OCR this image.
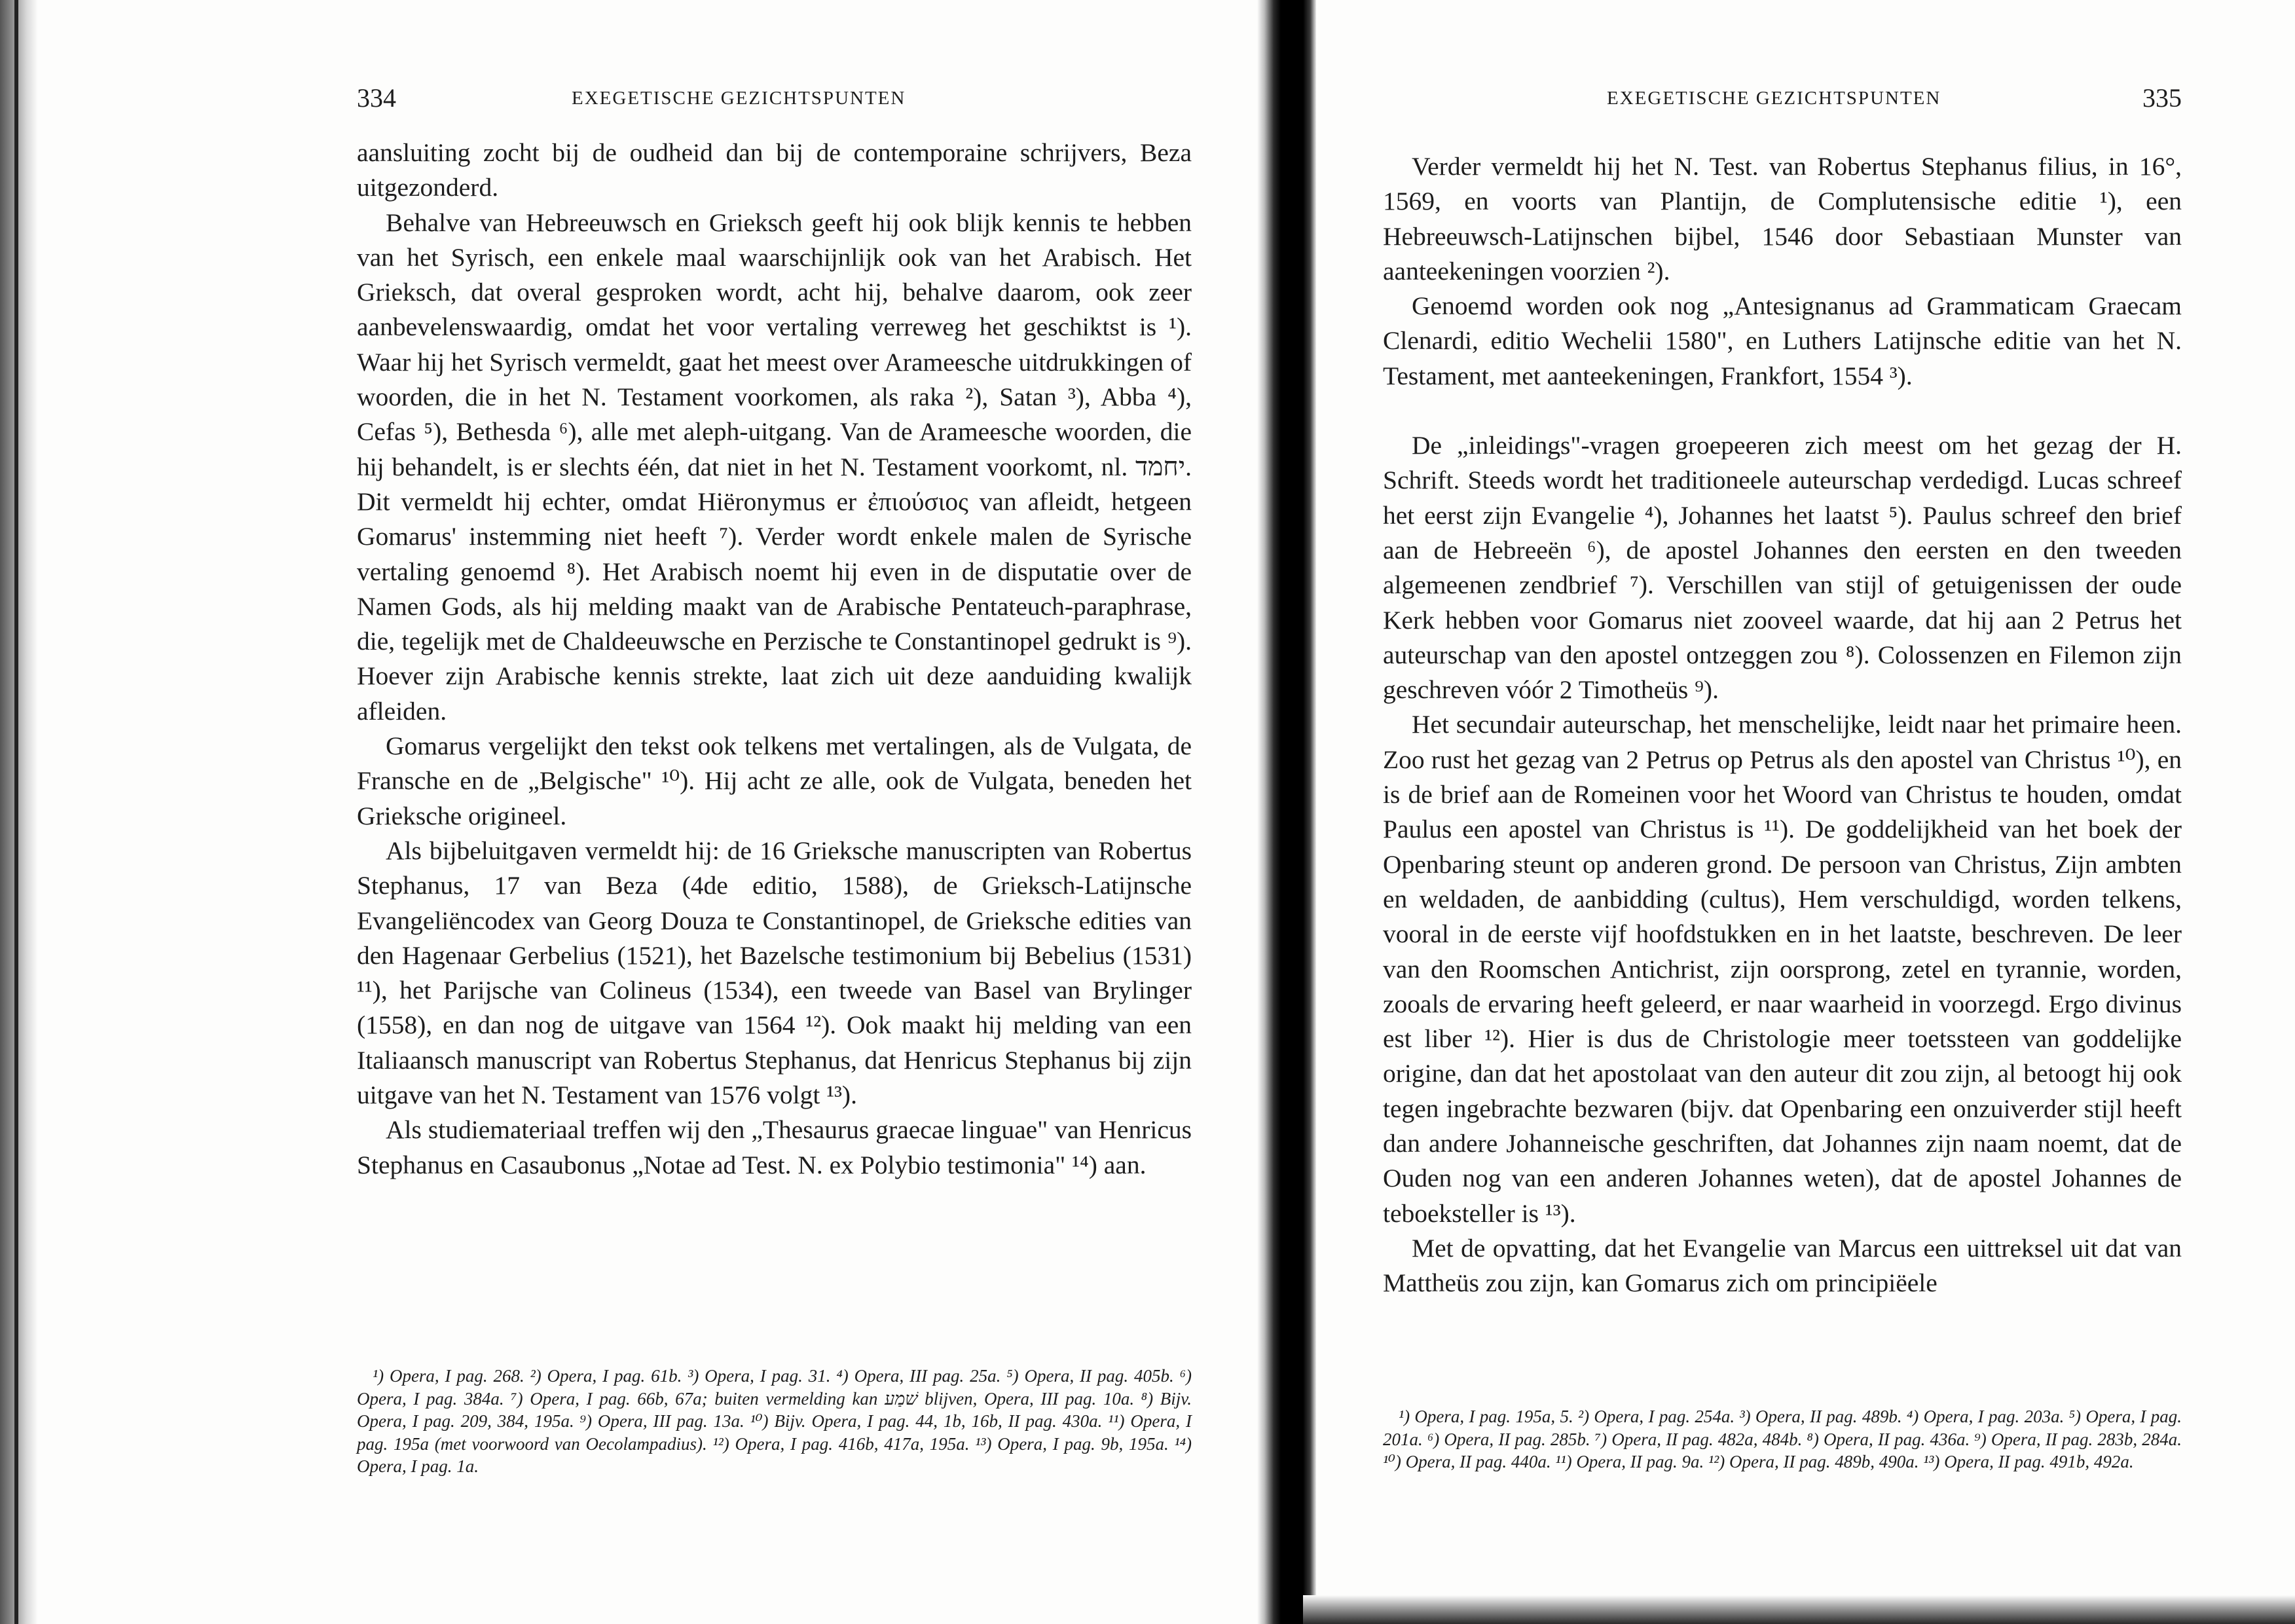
334	EXEGETISCHE GEZICHTSPUNTEN

aansluiting zocht bij de oudheid dan bij de contemporaine schrijvers, Beza uitgezonderd.

Behalve van Hebreeuwsch en Grieksch geeft hij ook blijk kennis te hebben van het Syrisch, een enkele maal waarschijnlijk ook van het Arabisch. Het Grieksch, dat overal gesproken wordt, acht hij, behalve daarom, ook zeer aanbevelenswaardig, omdat het voor vertaling verreweg het geschiktst is ¹). Waar hij het Syrisch vermeldt, gaat het meest over Arameesche uitdrukkingen of woorden, die in het N. Testament voorkomen, als raka ²), Satan ³), Abba ⁴), Cefas ⁵), Bethesda ⁶), alle met aleph-uitgang. Van de Arameesche woorden, die hij behandelt, is er slechts één, dat niet in het N. Testament voorkomt, nl. יחמד. Dit vermeldt hij echter, omdat Hiëronymus er ἐπιούσιος van afleidt, hetgeen Gomarus' instemming niet heeft ⁷). Verder wordt enkele malen de Syrische vertaling genoemd ⁸). Het Arabisch noemt hij even in de disputatie over de Namen Gods, als hij melding maakt van de Arabische Pentateuch-paraphrase, die, tegelijk met de Chaldeeuwsche en Perzische te Constantinopel gedrukt is ⁹). Hoever zijn Arabische kennis strekte, laat zich uit deze aanduiding kwalijk afleiden.

Gomarus vergelijkt den tekst ook telkens met vertalingen, als de Vulgata, de Fransche en de „Belgische" ¹⁰). Hij acht ze alle, ook de Vulgata, beneden het Grieksche origineel.

Als bijbeluitgaven vermeldt hij: de 16 Grieksche manuscripten van Robertus Stephanus, 17 van Beza (4de editio, 1588), de Grieksch-Latijnsche Evangeliëncodex van Georg Douza te Constantinopel, de Grieksche edities van den Hagenaar Gerbelius (1521), het Bazelsche testimonium bij Bebelius (1531) ¹¹), het Parijsche van Colineus (1534), een tweede van Basel van Brylinger (1558), en dan nog de uitgave van 1564 ¹²). Ook maakt hij melding van een Italiaansch manuscript van Robertus Stephanus, dat Henricus Stephanus bij zijn uitgave van het N. Testament van 1576 volgt ¹³).

Als studiemateriaal treffen wij den „Thesaurus graecae linguae" van Henricus Stephanus en Casaubonus „Notae ad Test. N. ex Polybio testimonia" ¹⁴) aan.

¹) Opera, I pag. 268. ²) Opera, I pag. 61b. ³) Opera, I pag. 31. ⁴) Opera, III pag. 25a. ⁵) Opera, II pag. 405b. ⁶) Opera, I pag. 384a. ⁷) Opera, I pag. 66b, 67a; buiten vermelding kan שׁמַע blijven, Opera, III pag. 10a. ⁸) Bijv. Opera, I pag. 209, 384, 195a. ⁹) Opera, III pag. 13a. ¹⁰) Bijv. Opera, I pag. 44, 1b, 16b, II pag. 430a. ¹¹) Opera, I pag. 195a (met voorwoord van Oecolampadius). ¹²) Opera, I pag. 416b, 417a, 195a. ¹³) Opera, I pag. 9b, 195a. ¹⁴) Opera, I pag. 1a.

EXEGETISCHE GEZICHTSPUNTEN	335

Verder vermeldt hij het N. Test. van Robertus Stephanus filius, in 16°, 1569, en voorts van Plantijn, de Complutensische editie ¹), een Hebreeuwsch-Latijnschen bijbel, 1546 door Sebastiaan Munster van aanteekeningen voorzien ²).

Genoemd worden ook nog „Antesignanus ad Grammaticam Graecam Clenardi, editio Wechelii 1580", en Luthers Latijnsche editie van het N. Testament, met aanteekeningen, Frankfort, 1554 ³).

De „inleidings"-vragen groepeeren zich meest om het gezag der H. Schrift. Steeds wordt het traditioneele auteurschap verdedigd. Lucas schreef het eerst zijn Evangelie ⁴), Johannes het laatst ⁵). Paulus schreef den brief aan de Hebreeën ⁶), de apostel Johannes den eersten en den tweeden algemeenen zendbrief ⁷). Verschillen van stijl of getuigenissen der oude Kerk hebben voor Gomarus niet zooveel waarde, dat hij aan 2 Petrus het auteurschap van den apostel ontzeggen zou ⁸). Colossenzen en Filemon zijn geschreven vóór 2 Timotheüs ⁹).

Het secundair auteurschap, het menschelijke, leidt naar het primaire heen. Zoo rust het gezag van 2 Petrus op Petrus als den apostel van Christus ¹⁰), en is de brief aan de Romeinen voor het Woord van Christus te houden, omdat Paulus een apostel van Christus is ¹¹). De goddelijkheid van het boek der Openbaring steunt op anderen grond. De persoon van Christus, Zijn ambten en weldaden, de aanbidding (cultus), Hem verschuldigd, worden telkens, vooral in de eerste vijf hoofdstukken en in het laatste, beschreven. De leer van den Roomschen Antichrist, zijn oorsprong, zetel en tyrannie, worden, zooals de ervaring heeft geleerd, er naar waarheid in voorzegd. Ergo divinus est liber ¹²). Hier is dus de Christologie meer toetssteen van goddelijke origine, dan dat het apostolaat van den auteur dit zou zijn, al betoogt hij ook tegen ingebrachte bezwaren (bijv. dat Openbaring een onzuiverder stijl heeft dan andere Johanneische geschriften, dat Johannes zijn naam noemt, dat de Ouden nog van een anderen Johannes weten), dat de apostel Johannes de teboeksteller is ¹³).

Met de opvatting, dat het Evangelie van Marcus een uittreksel uit dat van Mattheüs zou zijn, kan Gomarus zich om principiëele

¹) Opera, I pag. 195a, 5. ²) Opera, I pag. 254a. ³) Opera, II pag. 489b. ⁴) Opera, I pag. 203a. ⁵) Opera, I pag. 201a. ⁶) Opera, II pag. 285b. ⁷) Opera, II pag. 482a, 484b. ⁸) Opera, II pag. 436a. ⁹) Opera, II pag. 283b, 284a. ¹⁰) Opera, II pag. 440a. ¹¹) Opera, II pag. 9a. ¹²) Opera, II pag. 489b, 490a. ¹³) Opera, II pag. 491b, 492a.
